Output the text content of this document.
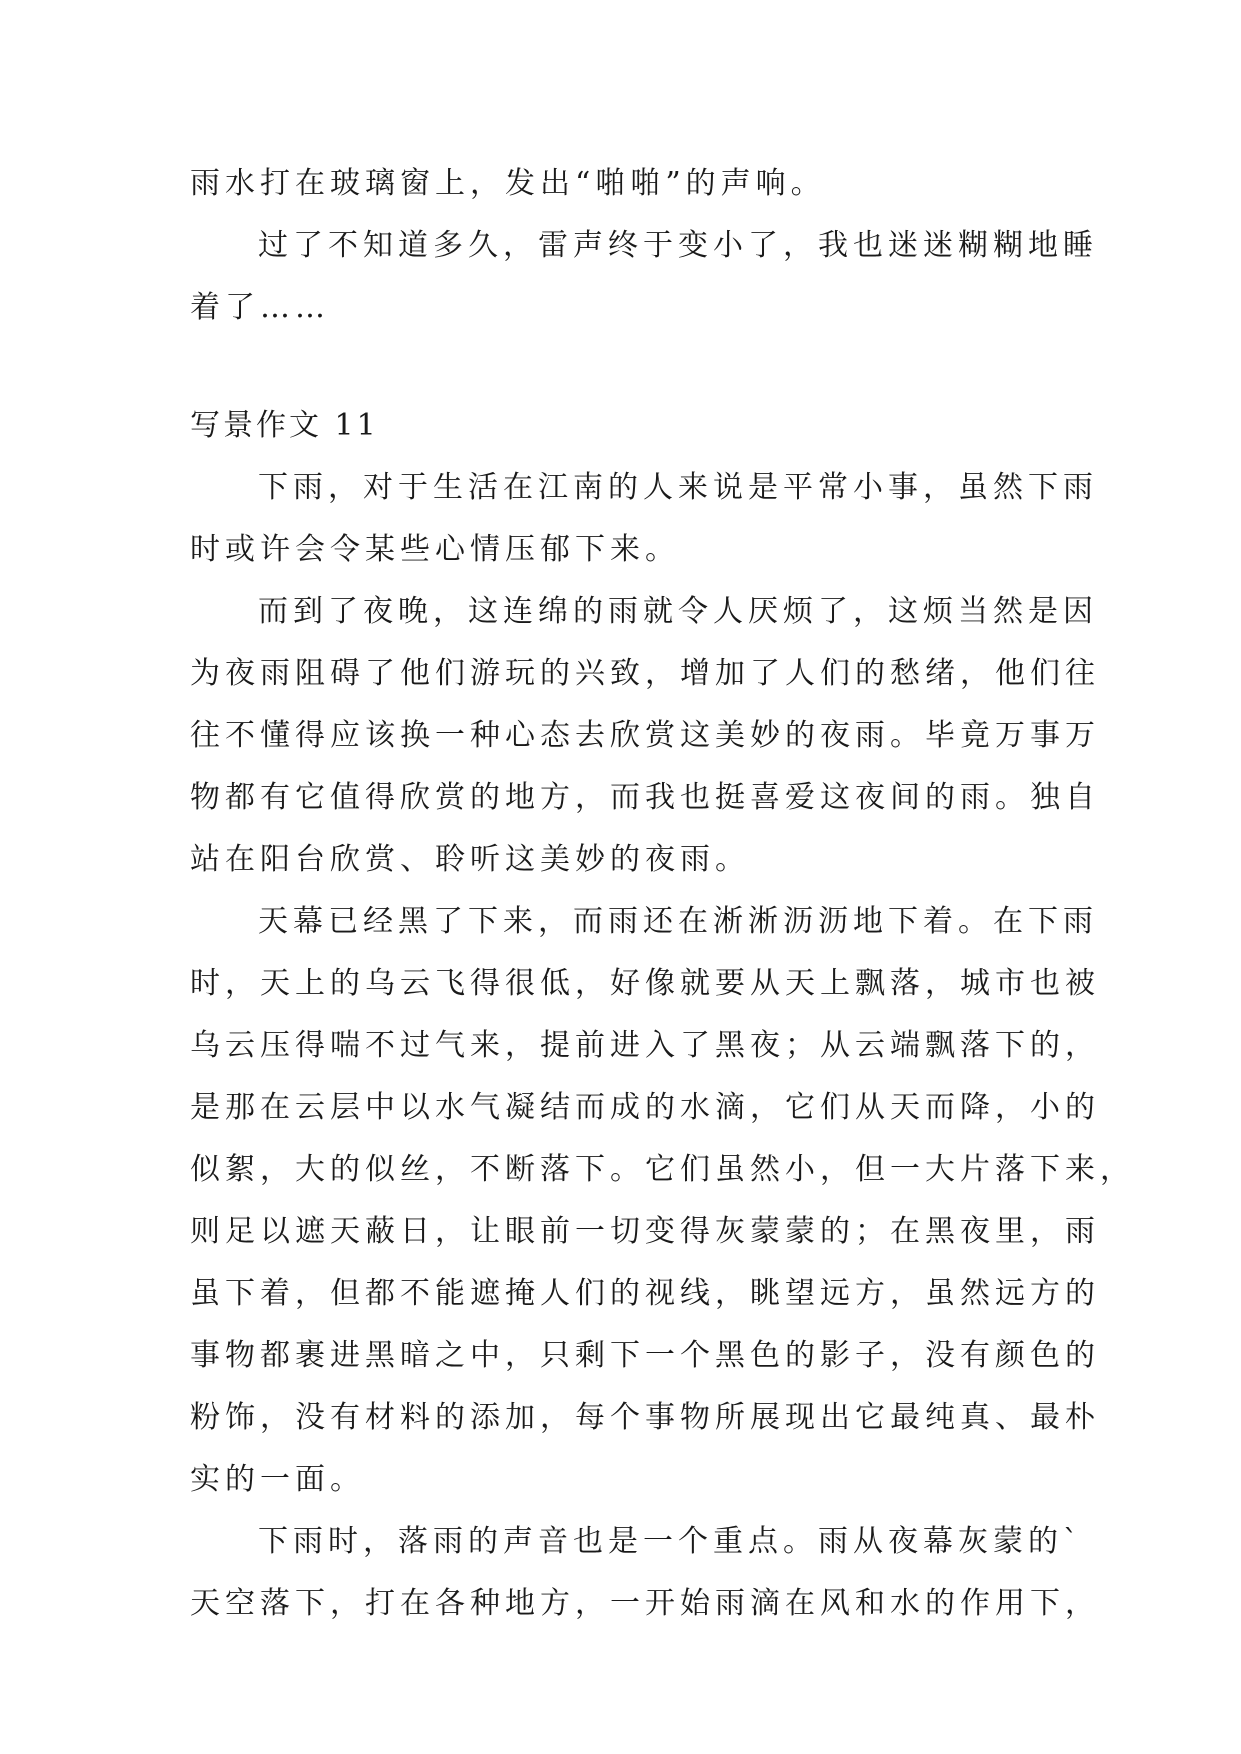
雨水打在玻璃窗上，发出“啪啪”的声响。
过了不知道多久，雷声终于变小了，我也迷迷糊糊地睡
着了……
写景作文 11
下雨，对于生活在江南的人来说是平常小事，虽然下雨
时或许会令某些心情压郁下来。
而到了夜晚，这连绵的雨就令人厌烦了，这烦当然是因
为夜雨阻碍了他们游玩的兴致，增加了人们的愁绪，他们往
往不懂得应该换一种心态去欣赏这美妙的夜雨。毕竟万事万
物都有它值得欣赏的地方，而我也挺喜爱这夜间的雨。独自
站在阳台欣赏、聆听这美妙的夜雨。
天幕已经黑了下来，而雨还在淅淅沥沥地下着。在下雨
时，天上的乌云飞得很低，好像就要从天上飘落，城市也被
乌云压得喘不过气来，提前进入了黑夜；从云端飘落下的，
是那在云层中以水气凝结而成的水滴，它们从天而降，小的
似絮，大的似丝，不断落下。它们虽然小，但一大片落下来，
则足以遮天蔽日，让眼前一切变得灰蒙蒙的；在黑夜里，雨
虽下着，但都不能遮掩人们的视线，眺望远方，虽然远方的
事物都裹进黑暗之中，只剩下一个黑色的影子，没有颜色的
粉饰，没有材料的添加，每个事物所展现出它最纯真、最朴
实的一面。
下雨时，落雨的声音也是一个重点。雨从夜幕灰蒙的`
天空落下，打在各种地方，一开始雨滴在风和水的作用下，
